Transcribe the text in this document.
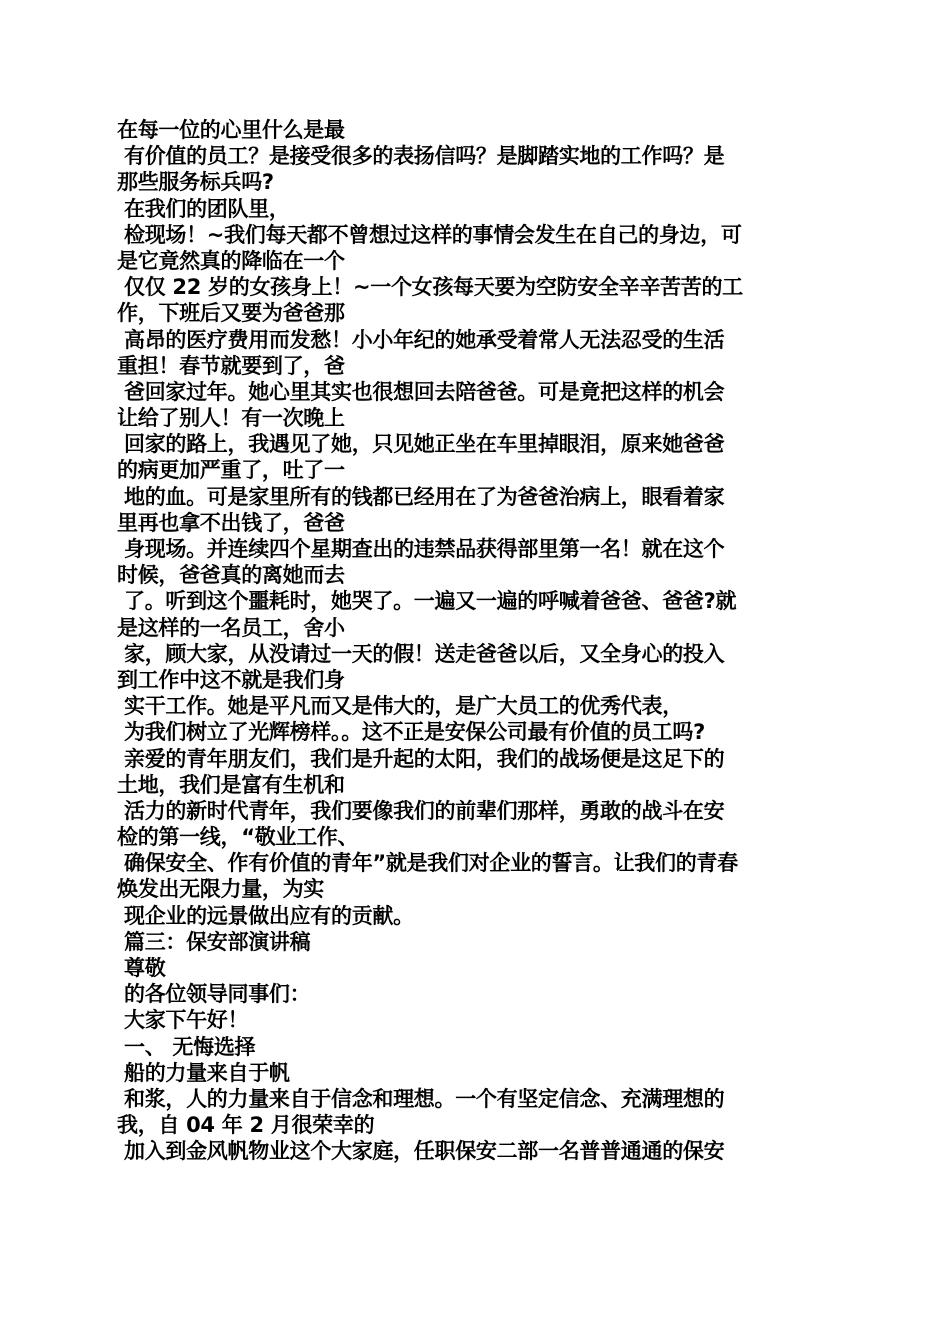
在每一位的心里什么是最
有价值的员工？是接受很多的表扬信吗？是脚踏实地的工作吗？是
那些服务标兵吗?
在我们的团队里，
检现场！~我们每天都不曾想过这样的事情会发生在自己的身边，可
是它竟然真的降临在一个
仅仅 22 岁的女孩身上！~一个女孩每天要为空防安全辛辛苦苦的工
作，下班后又要为爸爸那
高昂的医疗费用而发愁！小小年纪的她承受着常人无法忍受的生活
重担！春节就要到了，爸
爸回家过年。她心里其实也很想回去陪爸爸。可是竟把这样的机会
让给了别人！有一次晚上
回家的路上，我遇见了她，只见她正坐在车里掉眼泪，原来她爸爸
的病更加严重了，吐了一
地的血。可是家里所有的钱都已经用在了为爸爸治病上，眼看着家
里再也拿不出钱了，爸爸
身现场。并连续四个星期查出的违禁品获得部里第一名！就在这个
时候，爸爸真的离她而去
了。听到这个噩耗时，她哭了。一遍又一遍的呼喊着爸爸、爸爸?就
是这样的一名员工，舍小
家，顾大家，从没请过一天的假！送走爸爸以后，又全身心的投入
到工作中这不就是我们身
实干工作。她是平凡而又是伟大的，是广大员工的优秀代表，
为我们树立了光辉榜样。。这不正是安保公司最有价值的员工吗?
亲爱的青年朋友们，我们是升起的太阳，我们的战场便是这足下的
土地，我们是富有生机和
活力的新时代青年，我们要像我们的前辈们那样，勇敢的战斗在安
检的第一线，“敬业工作、
确保安全、作有价值的青年”就是我们对企业的誓言。让我们的青春
焕发出无限力量，为实
现企业的远景做出应有的贡献。
篇三：保安部演讲稿
尊敬
的各位领导同事们：
大家下午好！
一、 无悔选择
船的力量来自于帆
和浆，人的力量来自于信念和理想。一个有坚定信念、充满理想的
我，自 04 年 2 月很荣幸的
加入到金风帆物业这个大家庭，任职保安二部一名普普通通的保安
